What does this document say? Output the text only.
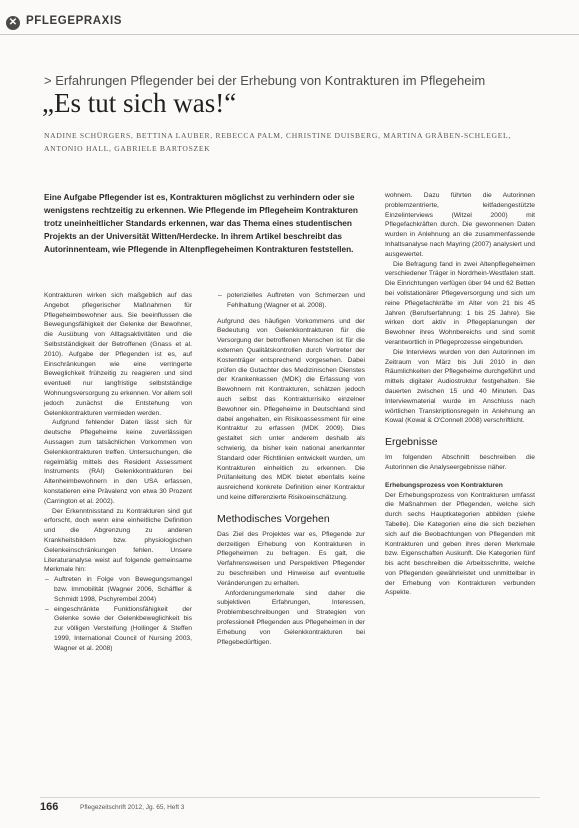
✕ PFLEGEPRAXIS
> Erfahrungen Pflegender bei der Erhebung von Kontrakturen im Pflegeheim
„Es tut sich was!“
NADINE SCHÜRGERS, BETTINA LAUBER, REBECCA PALM, CHRISTINE DUISBERG, MARTINA GRÄBEN-SCHLEGEL, ANTONIO HALL, GABRIELE BARTOSZEK
Eine Aufgabe Pflegender ist es, Kontrakturen möglichst zu verhindern oder sie wenigstens rechtzeitig zu erkennen. Wie Pflegende im Pflegeheim Kontrakturen trotz uneinheitlicher Standards erkennen, war das Thema eines studentischen Projekts an der Universität Witten/Herdecke. In ihrem Artikel beschreibt das Autorinnenteam, wie Pflegende in Altenpflegeheimen Kontrakturen feststellen.

Kontrakturen wirken sich maßgeblich auf das Angebot pflegerischer Maßnahmen für Pflegeheimbewohner aus. Sie beeinflussen die Bewegungsfähigkeit der Gelenke der Bewohner, die Ausübung von Alltagsaktivitäten und die Selbstständigkeit der Betroffenen (Gnass et al. 2010). Aufgabe der Pflegenden ist es, auf Einschränkungen wie eine verringerte Beweglichkeit frühzeitig zu reagieren und sind eventuell nur langfristige selbstständige Wohnungsversorgung zu erkennen. Vor allem soll jedoch zunächst die Entstehung von Gelenkkontrakturen vermieden werden.

Aufgrund fehlender Daten lässt sich für deutsche Pflegeheime keine zuverlässigen Aussagen zum tatsächlichen Vorkommen von Gelenkkontrakturen treffen. Untersuchungen, die regelmäßig mittels des Resident Assessment Instruments (RAI) Gelenkkontrakturen bei Altenheimbewohnern in den USA erfassen, konstatieren eine Prävalenz von etwa 30 Prozent (Carrington et al. 2002).

Der Erkenntnisstand zu Kontrakturen sind gut erforscht, doch wenn eine einheitliche Definition und die Abgrenzung zu anderen Krankheitsbildern bzw. physiologischen Gelenkeinschränkungen fehlen. Unsere Literaturanalyse weist auf folgende gemeinsame Merkmale hin:

– Auftreten in Folge von Bewegungsmangel bzw. Immobilität (Wagner 2006, Schäffler & Schmidt 1998, Pschyrembel 2004)
– eingeschränkte Funktionsfähigkeit der Gelenke sowie der Gelenkbeweglichkeit bis zur völligen Versteifung (Hollinger & Steffen 1999, International Council of Nursing 2003, Wagner et al. 2008)
– potenzielles Auftreten von Schmerzen und Fehlhaltung (Wagner et al. 2008).

Aufgrund des häufigen Vorkommens und der Bedeutung von Gelenkkontrakturen für die Versorgung der betroffenen Menschen ist für die externen Qualitätskontrollen durch Vertreter der Kostenträger entsprechend vorgesehen. Dabei prüfen die Gutachter des Medizinischen Dienstes der Krankenkassen (MDK) die Erfassung von Bewohnern mit Kontrakturen, schätzen jedoch auch selbst das Kontrakturrisiko einzelner Bewohner ein. Pflegeheime in Deutschland sind dabei angehalten, ein Risikoassessment für eine Kontraktur zu erfassen (MDK 2009). Dies gestaltet sich unter anderem deshalb als schwierig, da bisher kein national anerkannter Standard oder Richtlinien entwickelt wurden, um Kontrakturen einheitlich zu erkennen. Die Prüfanleitung des MDK bietet ebenfalls keine ausreichend konkrete Definition einer Kontraktur und keine differenzierte Risikoeinschätzung.

Methodisches Vorgehen

Das Ziel des Projektes war es, Pflegende zur derzeitigen Erhebung von Kontrakturen in Pflegeheimen zu befragen. Es galt, die Verfahrensweisen und Perspektiven Pflegender zu beschreiben und Hinweise auf eventuelle Veränderungen zu erhalten.

Anforderungsmerkmale sind daher die subjektiven Erfahrungen, Interessen, Problembeschreibungen und Strategien von professionell Pflegenden aus Pflegeheimen in der Erhebung von Gelenkkontrakturen bei Pflegebedürftigen.

wohnern. Dazu führten die Autorinnen problemzentrierte, leitfadengestützte Einzelinterviews (Witzel 2000) mit Pflegefachkräften durch. Die gewonnenen Daten wurden in Anlehnung an die zusammenfassende Inhaltsanalyse nach Mayring (2007) analysiert und ausgewertet.

Die Befragung fand in zwei Altenpflegeheimen verschiedener Träger in Nordrhein-Westfalen statt. Die Einrichtungen verfügen über 94 und 62 Betten bei vollstationärer Pflegeversorgung und sich um reine Pflegefachkräfte im Alter von 21 bis 45 Jahren (Berufserfahrung: 1 bis 25 Jahre). Sie wirken dort aktiv in Pflegeplanungen der Bewohner ihres Wohnbereichs und sind somit verantwortlich in Pflegeprozesse eingebunden.

Die Interviews wurden von den Autorinnen im Zeitraum von März bis Juli 2010 in den Räumlichkeiten der Pflegeheime durchgeführt und mittels digitaler Audiostruktur festgehalten. Sie dauerten zwischen 15 und 40 Minuten. Das Interviewmaterial wurde im Anschluss nach wörtlichen Transkriptionsregeln in Anlehnung an Kowal (Kowal & O'Connell 2008) verschriftlicht.

Ergebnisse

Im folgenden Abschnitt beschreiben die Autorinnen die Analyseergebnisse näher.

Erhebungsprozess von Kontrakturen

Der Erhebungsprozess von Kontrakturen umfasst die Maßnahmen der Pflegenden, welche sich durch sechs Hauptkategorien abbilden (siehe Tabelle). Die Kategorien eine die sich beziehen sich auf die Beobachtungen von Pflegenden mit Kontrakturen und geben ihres deren Merkmale bzw. Eigenschaften Auskunft. Die Kategorien fünf bis acht beschreiben die Arbeitsschritte, welche von Pflegenden gewährleistet und unmittelbar in der Erhebung von Kontrakturen verbunden Aspekte.

166	Pflegezeitschrift 2012, Jg. 65, Heft 3
